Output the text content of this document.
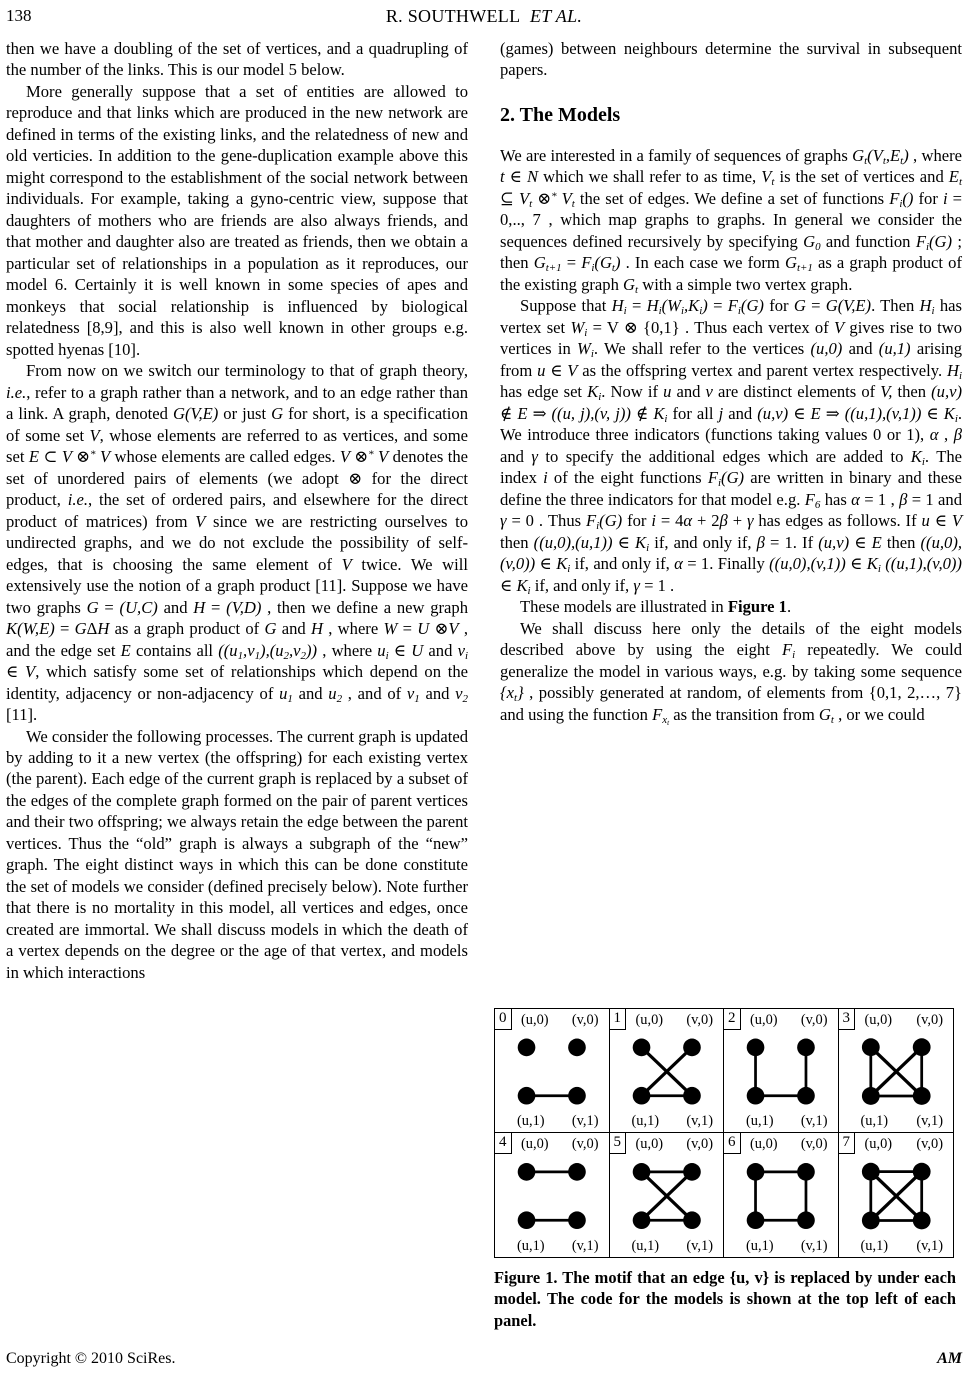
138	R. SOUTHWELL ET AL.

then we have a doubling of the set of vertices, and a quadrupling of the number of the links. This is our model 5 below.

More generally suppose that a set of entities are allowed to reproduce and that links which are produced in the new network are defined in terms of the existing links, and the relatedness of new and old verticies. In addition to the gene-duplication example above this might correspond to the establishment of the social network between individuals. For example, taking a gyno-centric view, suppose that daughters of mothers who are friends are also always friends, and that mother and daughter also are treated as friends, then we obtain a particular set of relationships in a population as it reproduces, our model 6. Certainly it is well known in some species of apes and monkeys that social relationship is influenced by biological relatedness [8,9], and this is also well known in other groups e.g. spotted hyenas [10].

From now on we switch our terminology to that of graph theory, i.e., refer to a graph rather than a network, and to an edge rather than a link. A graph, denoted G(V,E) or just G for short, is a specification of some set V, whose elements are referred to as vertices, and some set E ⊂ V ⊗* V whose elements are called edges. V ⊗* V denotes the set of unordered pairs of elements (we adopt ⊗ for the direct product, i.e., the set of ordered pairs, and elsewhere for the direct product of matrices) from V since we are restricting ourselves to undirected graphs, and we do not exclude the possibility of self-edges, that is choosing the same element of V twice. We will extensively use the notion of a graph product [11]. Suppose we have two graphs G = (U,C) and H = (V,D) , then we define a new graph K(W,E) = GΔH as a graph product of G and H , where W = U ⊗V , and the edge set E contains all $((u_1,v_1),(u_2,v_2))$ , where $u_i$ ∈ U and $v_i$ ∈ V, which satisfy some set of relationships which depend on the identity, adjacency or non-adjacency of $u_1$ and $u_2$ , and of $v_1$ and $v_2$ [11].

We consider the following processes. The current graph is updated by adding to it a new vertex (the offspring) for each existing vertex (the parent). Each edge of the current graph is replaced by a subset of the edges of the complete graph formed on the pair of parent vertices and their two offspring; we always retain the edge between the parent vertices. Thus the “old” graph is always a subgraph of the “new” graph. The eight distinct ways in which this can be done constitute the set of models we consider (defined precisely below). Note further that there is no mortality in this model, all vertices and edges, once created are immortal. We shall discuss models in which the death of a vertex depends on the degree or the age of that vertex, and models in which interactions

(games) between neighbours determine the survival in subsequent papers.

2. The Models

We are interested in a family of sequences of graphs $G_t(V_t,E_t)$ , where t ∈ N which we shall refer to as time, $V_t$ is the set of vertices and $E_t$ ⊆ $V_t$ ⊗* $V_t$ the set of edges. We define a set of functions $F_i()$ for i = 0,.., 7 , which map graphs to graphs. In general we consider the sequences defined recursively by specifying $G_0$ and function $F_i(G)$ ; then $G_{t+1} = F_i(G_t)$ . In each case we form $G_{t+1}$ as a graph product of the existing graph $G_t$ with a simple two vertex graph.

Suppose that $H_i = H_i(W_i,K_i) = F_i(G)$ for G = G(V,E). Then $H_i$ has vertex set $W_i = V$ ⊗ {0,1} . Thus each vertex of V gives rise to two vertices in $W_i$. We shall refer to the vertices (u,0) and (u,1) arising from u ∈ V as the offspring vertex and parent vertex respectively. $H_i$ has edge set $K_i$. Now if u and v are distinct elements of V, then (u,v) ∉ E ⇒ ((u, j),(v, j)) ∉ $K_i$ for all j and (u,v) ∈ E ⇒ ((u,1),(v,1)) ∈ $K_i$. We introduce three indicators (functions taking values 0 or 1), α , β and γ to specify the additional edges which are added to $K_i$. The index i of the eight functions $F_i(G)$ are written in binary and these define the three indicators for that model e.g. $F_6$ has α = 1 , β = 1 and γ = 0 . Thus $F_i(G)$ for i = 4α + 2β + γ has edges as follows. If u ∈ V then ((u,0),(u,1)) ∈ $K_i$ if, and only if, β = 1. If (u,v) ∈ E then ((u,0),(v,0)) ∈ $K_i$ if, and only if, α = 1. Finally ((u,0),(v,1)) ∈ $K_i$ ((u,1),(v,0)) ∈ $K_i$ if, and only if, γ = 1 .

These models are illustrated in Figure 1.

We shall discuss here only the details of the eight models described above by using the eight $F_i$ repeatedly. We could generalize the model in various ways, e.g. by taking some sequence $\{x_t\}$ , possibly generated at random, of elements from {0,1, 2,…, 7} and using the function $F_{x_t}$ as the transition from $G_t$ , or we could

0	(u,0) (v,0)
(u,1) (v,1)
1	(u,0) (v,0)
(u,1) (v,1)
2	(u,0) (v,0)
(u,1) (v,1)
3	(u,0) (v,0)
(u,1) (v,1)
4	(u,0) (v,0)
(u,1) (v,1)
5	(u,0) (v,0)
(u,1) (v,1)
6	(u,0) (v,0)
(u,1) (v,1)
7	(u,0) (v,0)
(u,1) (v,1)
Figure 1. The motif that an edge {u, v} is replaced by under each model. The code for the models is shown at the top left of each panel.
Copyright © 2010 SciRes.	AM
